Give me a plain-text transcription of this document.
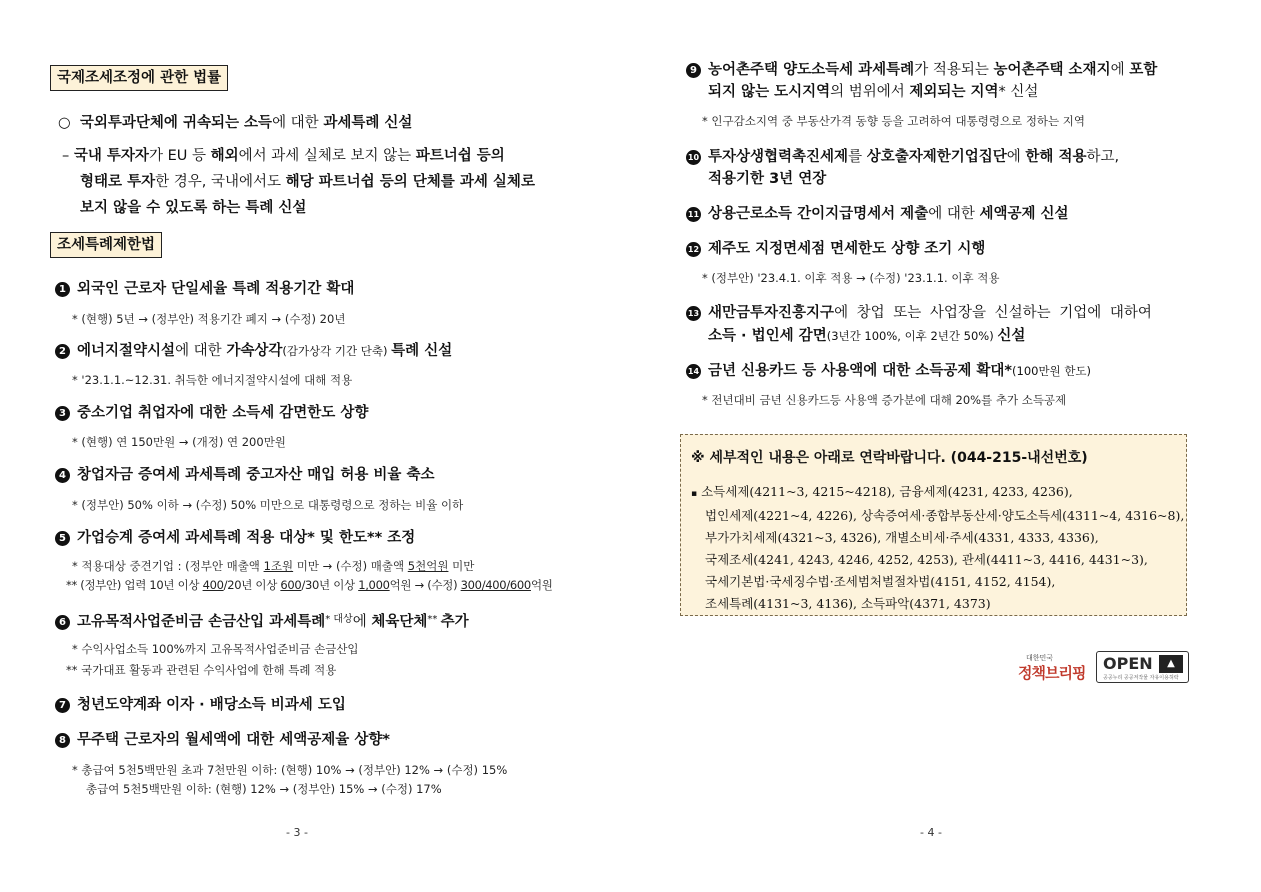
국제조세조정에 관한 법률
○ 국외투과단체에 귀속되는 소득에 대한 과세특례 신설
– 국내 투자자가 EU 등 해외에서 과세 실체로 보지 않는 파트너쉽 등의
형태로 투자한 경우, 국내에서도 해당 파트너쉽 등의 단체를 과세 실체로
보지 않을 수 있도록 하는 특례 신설
조세특례제한법
1 외국인 근로자 단일세율 특례 적용기간 확대
* (현행) 5년 → (정부안) 적용기간 폐지 → (수정) 20년
2 에너지절약시설에 대한 가속상각(감가상각 기간 단축) 특례 신설
* '23.1.1.~12.31. 취득한 에너지절약시설에 대해 적용
3 중소기업 취업자에 대한 소득세 감면한도 상향
* (현행) 연 150만원 → (개정) 연 200만원
4 창업자금 증여세 과세특례 중고자산 매입 허용 비율 축소
* (정부안) 50% 이하 → (수정) 50% 미만으로 대통령령으로 정하는 비율 이하
5 가업승계 증여세 과세특례 적용 대상* 및 한도** 조정
* 적용대상 중견기업 : (정부안 매출액 1조원 미만 → (수정) 매출액 5천억원 미만
** (정부안) 업력 10년 이상 400/20년 이상 600/30년 이상 1,000억원 → (수정) 300/400/600억원
6 고유목적사업준비금 손금산입 과세특례$^{* 대상}$에 체육단체** 추가
* 수익사업소득 100%까지 고유목적사업준비금 손금산입
** 국가대표 활동과 관련된 수익사업에 한해 특례 적용
7 청년도약계좌 이자 · 배당소득 비과세 도입
8 무주택 근로자의 월세액에 대한 세액공제율 상향*
* 총급여 5천5백만원 초과 7천만원 이하: (현행) 10% → (정부안) 12% → (수정) 15%
총급여 5천5백만원 이하: (현행) 12% → (정부안) 15% → (수정) 17%
- 3 -
9 농어촌주택 양도소득세 과세특례가 적용되는 농어촌주택 소재지에 포함
되지 않는 도시지역의 범위에서 제외되는 지역* 신설
* 인구감소지역 중 부동산가격 동향 등을 고려하여 대통령령으로 정하는 지역
10 투자상생협력촉진세제를 상호출자제한기업집단에 한해 적용하고,
적용기한 3년 연장
11 상용근로소득 간이지급명세서 제출에 대한 세액공제 신설
12 제주도 지정면세점 면세한도 상향 조기 시행
* (정부안) '23.4.1. 이후 적용 → (수정) '23.1.1. 이후 적용
13 새만금투자진흥지구에 창업 또는 사업장을 신설하는 기업에 대하여
소득 · 법인세 감면(3년간 100%, 이후 2년간 50%) 신설
14 금년 신용카드 등 사용액에 대한 소득공제 확대*(100만원 한도)
* 전년대비 금년 신용카드등 사용액 증가분에 대해 20%를 추가 소득공제
※ 세부적인 내용은 아래로 연락바랍니다. (044-215-내선번호)
▪ 소득세제(4211~3, 4215~4218), 금융세제(4231, 4233, 4236),
법인세제(4221~4, 4226), 상속증여세·종합부동산세·양도소득세(4311~4, 4316~8),
부가가치세제(4321~3, 4326), 개별소비세·주세(4331, 4333, 4336),
국제조세(4241, 4243, 4246, 4252, 4253), 관세(4411~3, 4416, 4431~3),
국세기본법·국세징수법·조세범처벌절차법(4151, 4152, 4154),
조세특례(4131~3, 4136), 소득파악(4371, 4373)
대한민국
정책브리핑 OPEN	▲
공공누리 공공저작물 자유이용허락
- 4 -
